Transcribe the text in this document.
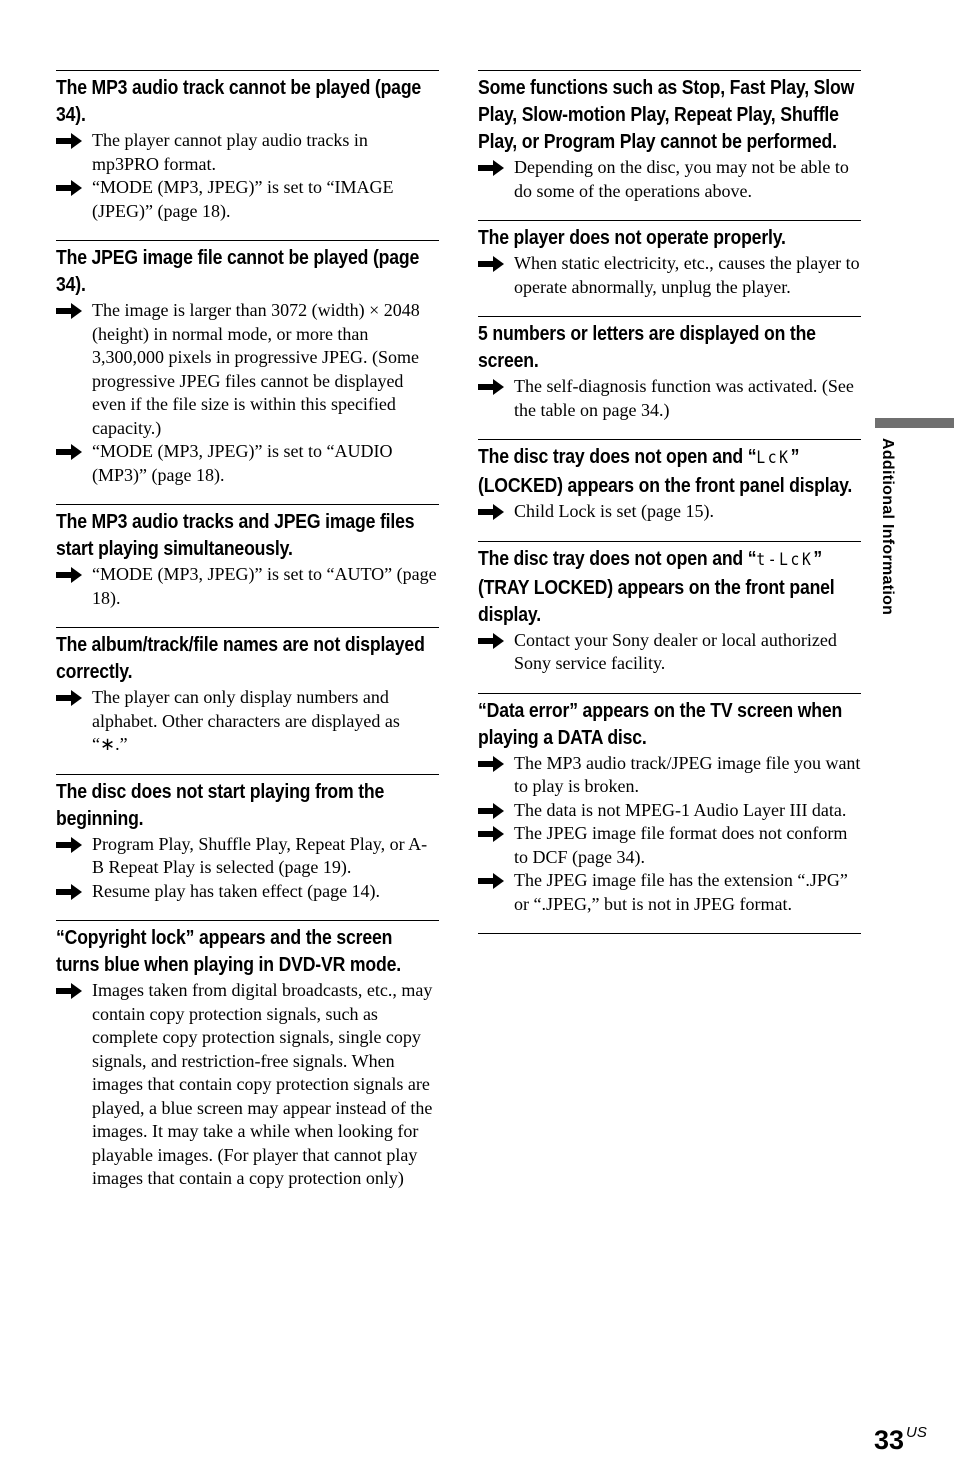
The MP3 audio track cannot be played (page 34).
The player cannot play audio tracks in mp3PRO format.
“MODE (MP3, JPEG)” is set to “IMAGE (JPEG)” (page 18).
The JPEG image file cannot be played (page 34).
The image is larger than 3072 (width) × 2048 (height) in normal mode, or more than 3,300,000 pixels in progressive JPEG. (Some progressive JPEG files cannot be displayed even if the file size is within this specified capacity.)
“MODE (MP3, JPEG)” is set to “AUDIO (MP3)” (page 18).
The MP3 audio tracks and JPEG image files start playing simultaneously.
“MODE (MP3, JPEG)” is set to “AUTO” (page 18).
The album/track/file names are not displayed correctly.
The player can only display numbers and alphabet. Other characters are displayed as “∗.”
The disc does not start playing from the beginning.
Program Play, Shuffle Play, Repeat Play, or A-B Repeat Play is selected (page 19).
Resume play has taken effect (page 14).
“Copyright lock” appears and the screen turns blue when playing in DVD-VR mode.
Images taken from digital broadcasts, etc., may contain copy protection signals, such as complete copy protection signals, single copy signals, and restriction-free signals. When images that contain copy protection signals are played, a blue screen may appear instead of the images. It may take a while when looking for playable images. (For player that cannot play images that contain a copy protection only)
Some functions such as Stop, Fast Play, Slow Play, Slow-motion Play, Repeat Play, Shuffle Play, or Program Play cannot be performed.
Depending on the disc, you may not be able to do some of the operations above.
The player does not operate properly.
When static electricity, etc., causes the player to operate abnormally, unplug the player.
5 numbers or letters are displayed on the screen.
The self-diagnosis function was activated. (See the table on page 34.)
The disc tray does not open and “LcK” (LOCKED) appears on the front panel display.
Child Lock is set (page 15).
The disc tray does not open and “t-LcK” (TRAY LOCKED) appears on the front panel display.
Contact your Sony dealer or local authorized Sony service facility.
“Data error” appears on the TV screen when playing a DATA disc.
The MP3 audio track/JPEG image file you want to play is broken.
The data is not MPEG-1 Audio Layer III data.
The JPEG image file format does not conform to DCF (page 34).
The JPEG image file has the extension “.JPG” or “.JPEG,” but is not in JPEG format.
Additional Information
33 $^{US}$
